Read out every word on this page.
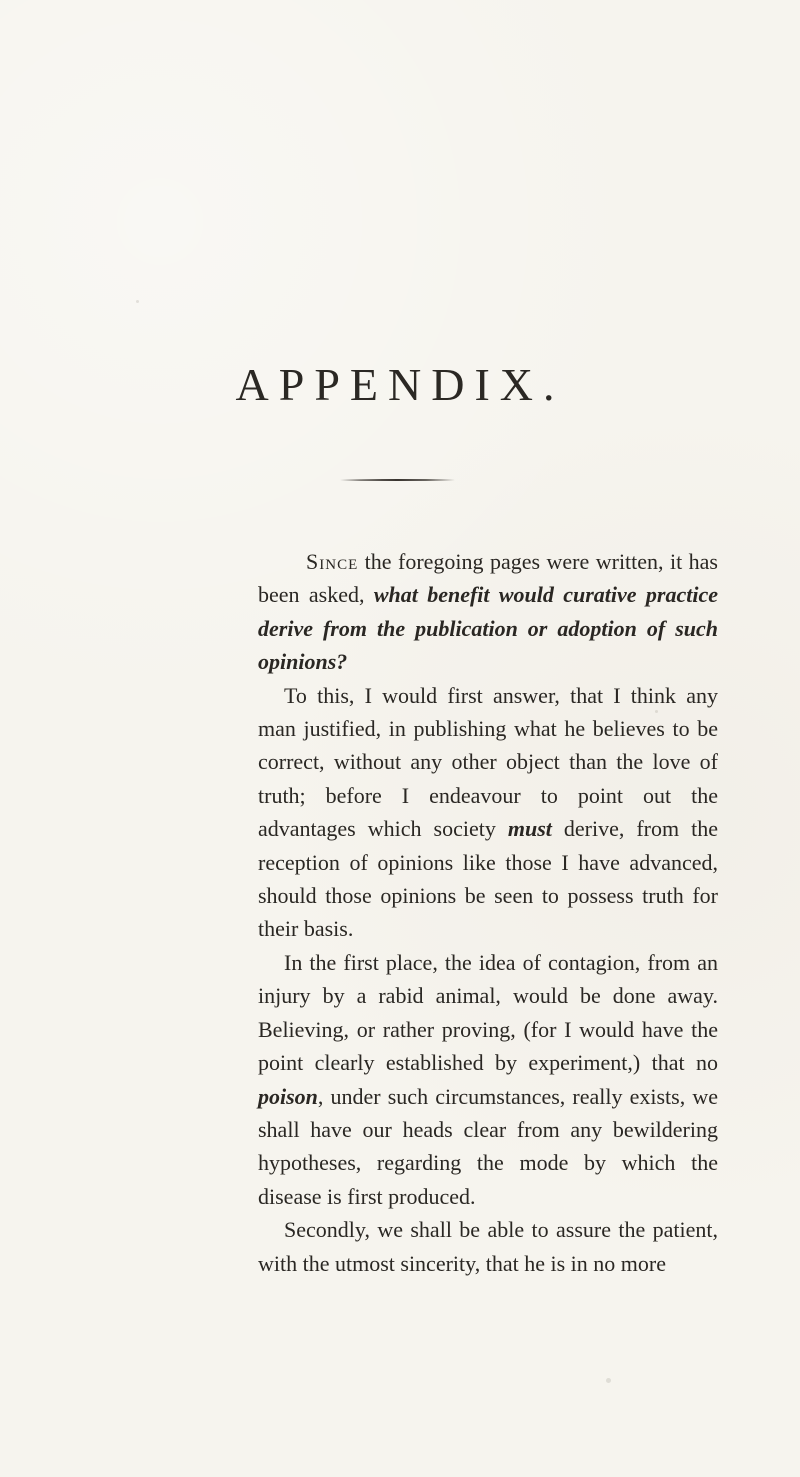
APPENDIX.

Since the foregoing pages were written, it has been asked, what benefit would curative practice derive from the publication or adoption of such opinions?

To this, I would first answer, that I think any man justified, in publishing what he believes to be correct, without any other object than the love of truth; before I endeavour to point out the advantages which society must derive, from the reception of opinions like those I have advanced, should those opinions be seen to possess truth for their basis.

In the first place, the idea of contagion, from an injury by a rabid animal, would be done away. Believing, or rather proving, (for I would have the point clearly established by experiment,) that no poison, under such circumstances, really exists, we shall have our heads clear from any bewildering hypotheses, regarding the mode by which the disease is first produced.

Secondly, we shall be able to assure the patient, with the utmost sincerity, that he is in no more
